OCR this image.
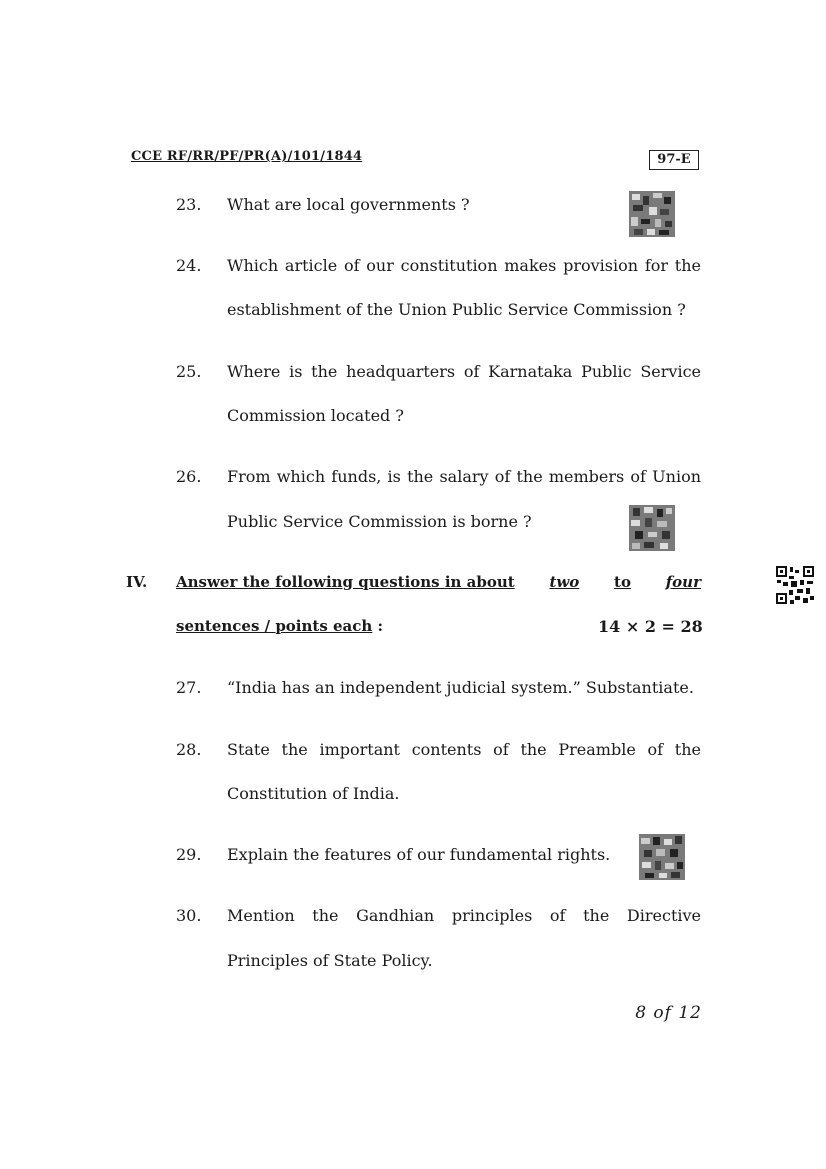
CCE RF/RR/PF/PR(A)/101/1844	97-E
23.	What are local governments ?
24.	Which article of our constitution makes provision for the
establishment of the Union Public Service Commission ?
25.	Where is the headquarters of Karnataka Public Service
Commission located ?
26.	From which funds, is the salary of the members of Union
Public Service Commission is borne ?
IV. Answer the following questions in about two to four
sentences / points each :	14 × 2 = 28
27.	“India has an independent judicial system.” Substantiate.
28.	State the important contents of the Preamble of the
Constitution of India.
29.	Explain the features of our fundamental rights.
30.	Mention the Gandhian principles of the Directive
Principles of State Policy.
8 of 12
